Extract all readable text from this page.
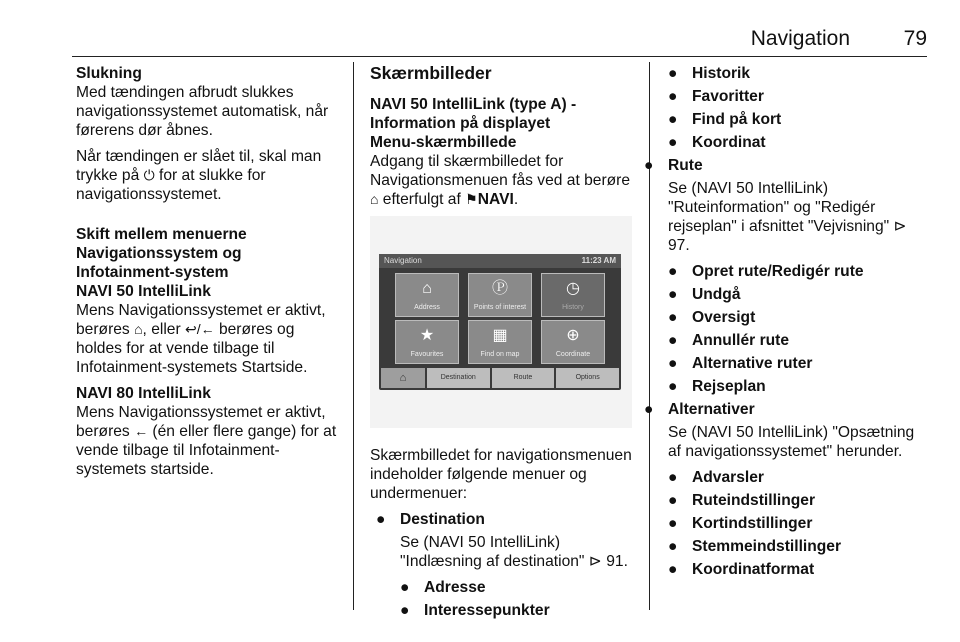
Navigation	79
Slukning

Med tændingen afbrudt slukkes navigationssystemet automatisk, når førerens dør åbnes.

Når tændingen er slået til, skal man trykke på ⏻ for at slukke for navigationssystemet.

Skift mellem menuerne Navigationssystem og Infotainment-system
NAVI 50 IntelliLink

Mens Navigationssystemet er aktivt, berøres ⌂, eller ↩/← berøres og holdes for at vende tilbage til Infotainment-systemets Startside.

NAVI 80 IntelliLink

Mens Navigationssystemet er aktivt, berøres ← (én eller flere gange) for at vende tilbage til Infotainment-systemets startside.

Skærmbilleder
NAVI 50 IntelliLink (type A) - Information på displayet
Menu-skærmbillede

Adgang til skærmbilledet for Navigationsmenuen fås ved at berøre ⌂ efterfulgt af ⚑NAVI.

Navigation	11:23 AM
⌂
Address
Ⓟ
Points of interest
◷
History
★
Favourites
▦
Find on map
⊕
Coordinate
⌂	Destination	Route	Options

Skærmbilledet for navigationsmenuen indeholder følgende menuer og undermenuer:

● Destination

Se (NAVI 50 IntelliLink) "Indlæsning af destination" ⊳ 91.

● Adresse
● Interessepunkter
● Historik
● Favoritter
● Find på kort
● Koordinat
● Rute

Se (NAVI 50 IntelliLink) "Ruteinformation" og "Redigér rejseplan" i afsnittet "Vejvisning" ⊳ 97.

● Opret rute/Redigér rute
● Undgå
● Oversigt
● Annullér rute
● Alternative ruter
● Rejseplan
● Alternativer

Se (NAVI 50 IntelliLink) "Opsætning af navigationssystemet" herunder.

● Advarsler
● Ruteindstillinger
● Kortindstillinger
● Stemmeindstillinger
● Koordinatformat
